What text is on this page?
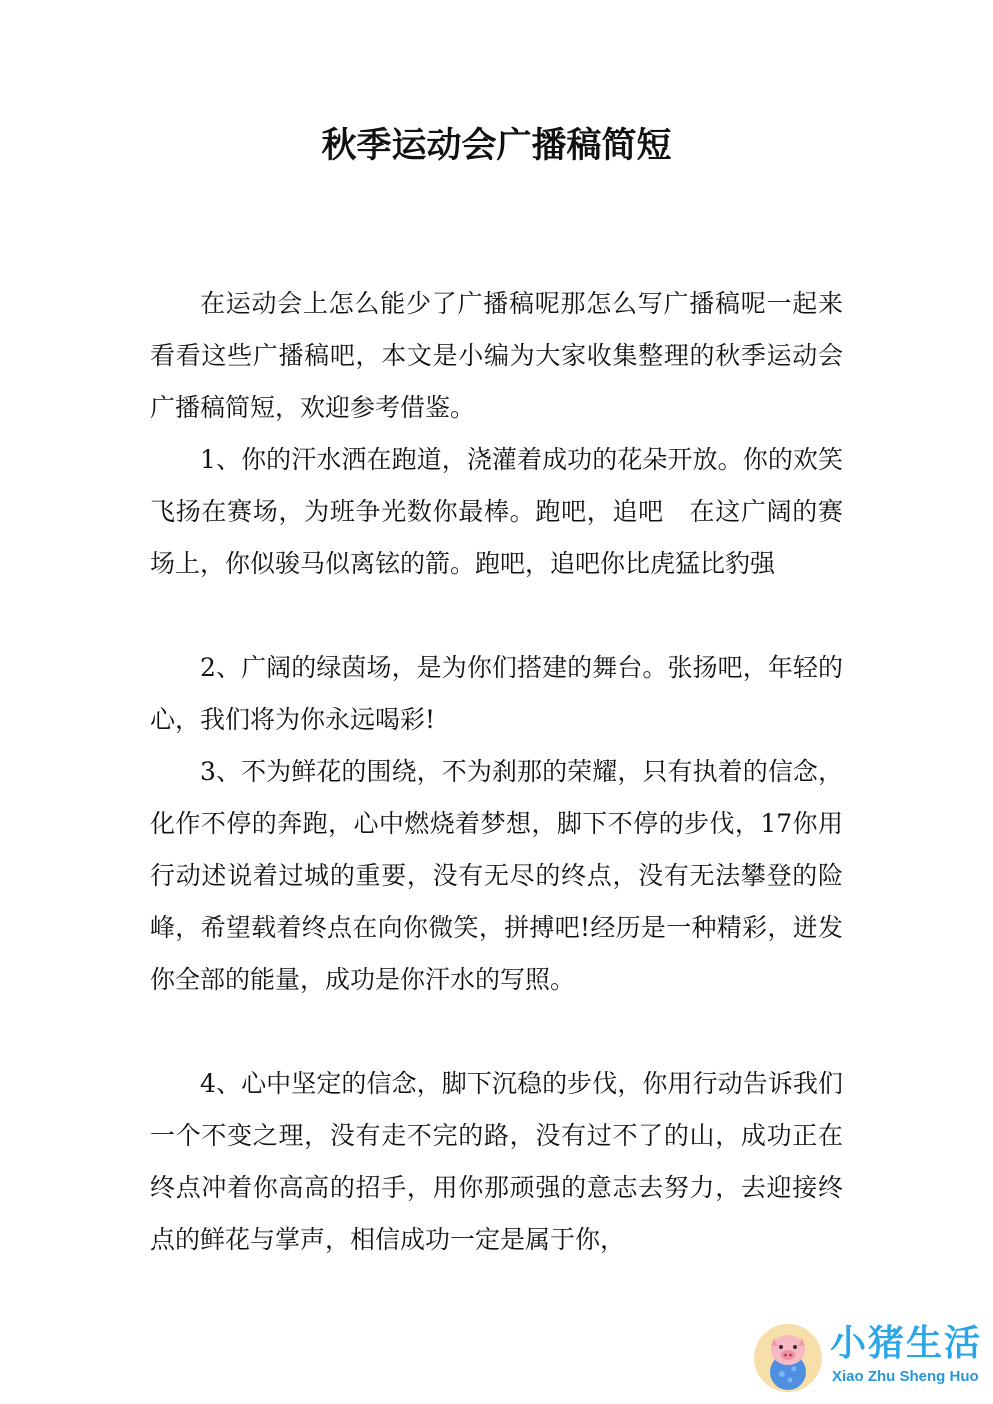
秋季运动会广播稿简短

在运动会上怎么能少了广播稿呢那怎么写广播稿呢一起来看看这些广播稿吧，本文是小编为大家收集整理的秋季运动会广播稿简短，欢迎参考借鉴。

1、你的汗水洒在跑道，浇灌着成功的花朵开放。你的欢笑飞扬在赛场，为班争光数你最棒。跑吧，追吧　在这广阔的赛场上，你似骏马似离铉的箭。跑吧，追吧你比虎猛比豹强

2、广阔的绿茵场，是为你们搭建的舞台。张扬吧，年轻的心，我们将为你永远喝彩!

3、不为鲜花的围绕，不为刹那的荣耀，只有执着的信念，化作不停的奔跑，心中燃烧着梦想，脚下不停的步伐，17你用行动述说着过城的重要，没有无尽的终点，没有无法攀登的险峰，希望载着终点在向你微笑，拼搏吧!经历是一种精彩，迸发你全部的能量，成功是你汗水的写照。

4、心中坚定的信念，脚下沉稳的步伐，你用行动告诉我们一个不变之理，没有走不完的路，没有过不了的山，成功正在终点冲着你高高的招手，用你那顽强的意志去努力，去迎接终点的鲜花与掌声，相信成功一定是属于你，

小猪生活
Xiao Zhu Sheng Huo
